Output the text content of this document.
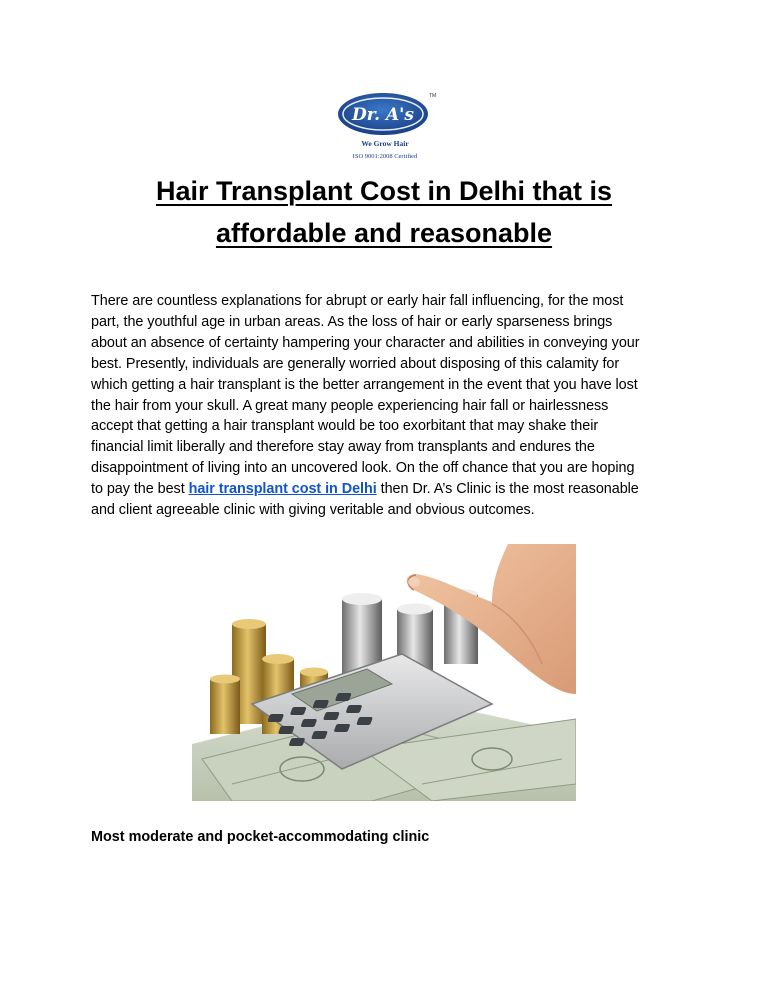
Dr. A's
TM
We Grow Hair
ISO 9001:2008 Certified
Hair Transplant Cost in Delhi that is
affordable and reasonable

There are countless explanations for abrupt or early hair fall influencing, for the most
part, the youthful age in urban areas. As the loss of hair or early sparseness brings
about an absence of certainty hampering your character and abilities in conveying your
best. Presently, individuals are generally worried about disposing of this calamity for
which getting a hair transplant is the better arrangement in the event that you have lost
the hair from your skull. A great many people experiencing hair fall or hairlessness
accept that getting a hair transplant would be too exorbitant that may shake their
financial limit liberally and therefore stay away from transplants and endures the
disappointment of living into an uncovered look. On the off chance that you are hoping
to pay the best hair transplant cost in Delhi then Dr. A’s Clinic is the most reasonable
and client agreeable clinic with giving veritable and obvious outcomes.

Most moderate and pocket-accommodating clinic
